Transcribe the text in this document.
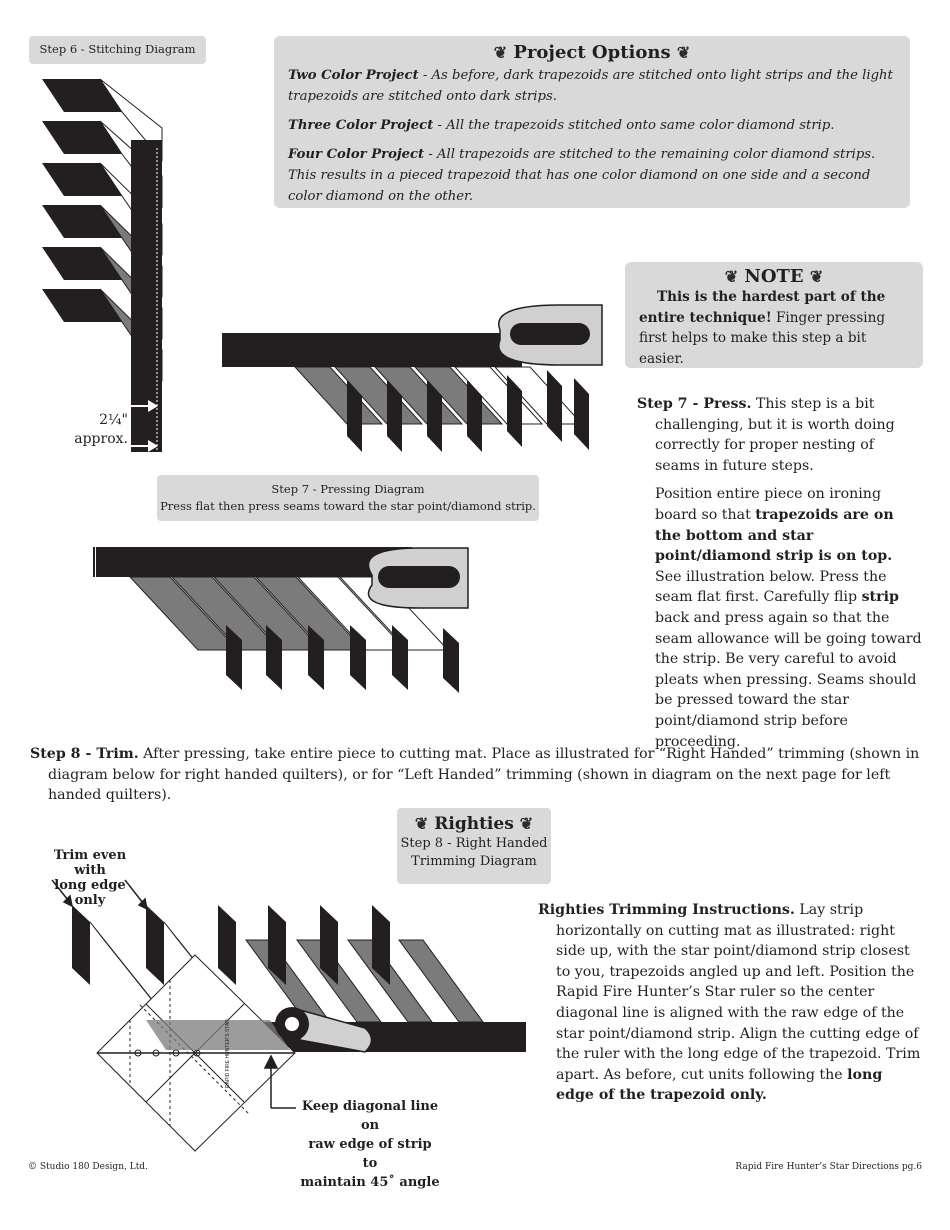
Step 6 - Stitching Diagram	❦ Project Options ❦

Two Color Project - As before, dark trapezoids are stitched onto light strips and the light trapezoids are stitched onto dark strips.

Three Color Project - All the trapezoids stitched onto same color diamond strip.

Four Color Project - All trapezoids are stitched to the remaining color diamond strips. This results in a pieced trapezoid that has one color diamond on one side and a second color diamond on the other.

2¼"
approx.
❦ NOTE ❦
This is the hardest part of the entire technique! Finger pressing first helps to make this step a bit easier.

Step 7 - Press. This step is a bit challenging, but it is worth doing correctly for proper nesting of seams in future steps.

Position entire piece on ironing board so that trapezoids are on the bottom and star point/diamond strip is on top. See illustration below. Press the seam flat first. Carefully flip strip back and press again so that the seam allowance will be going toward the strip. Be very careful to avoid pleats when pressing. Seams should be pressed toward the star point/diamond strip before proceeding.

Step 7 - Pressing Diagram
Press flat then press seams toward the star point/diamond strip.

Step 8 - Trim. After pressing, take entire piece to cutting mat. Place as illustrated for “Right Handed” trimming (shown in diagram below for right handed quilters), or for “Left Handed” trimming (shown in diagram on the next page for left handed quilters).

❦ Righties ❦
Step 8 - Right Handed
Trimming Diagram
Trim even with
long edge only
RAPID FIRE HUNTER'S STAR
Keep diagonal line on
raw edge of strip to
maintain 45˚ angle

Righties Trimming Instructions. Lay strip horizontally on cutting mat as illustrated: right side up, with the star point/diamond strip closest to you, trapezoids angled up and left. Position the Rapid Fire Hunter’s Star ruler so the center diagonal line is aligned with the raw edge of the star point/diamond strip. Align the cutting edge of the ruler with the long edge of the trapezoid. Trim apart. As before, cut units following the long edge of the trapezoid only.

© Studio 180 Design, Ltd.	Rapid Fire Hunter’s Star Directions pg.6
